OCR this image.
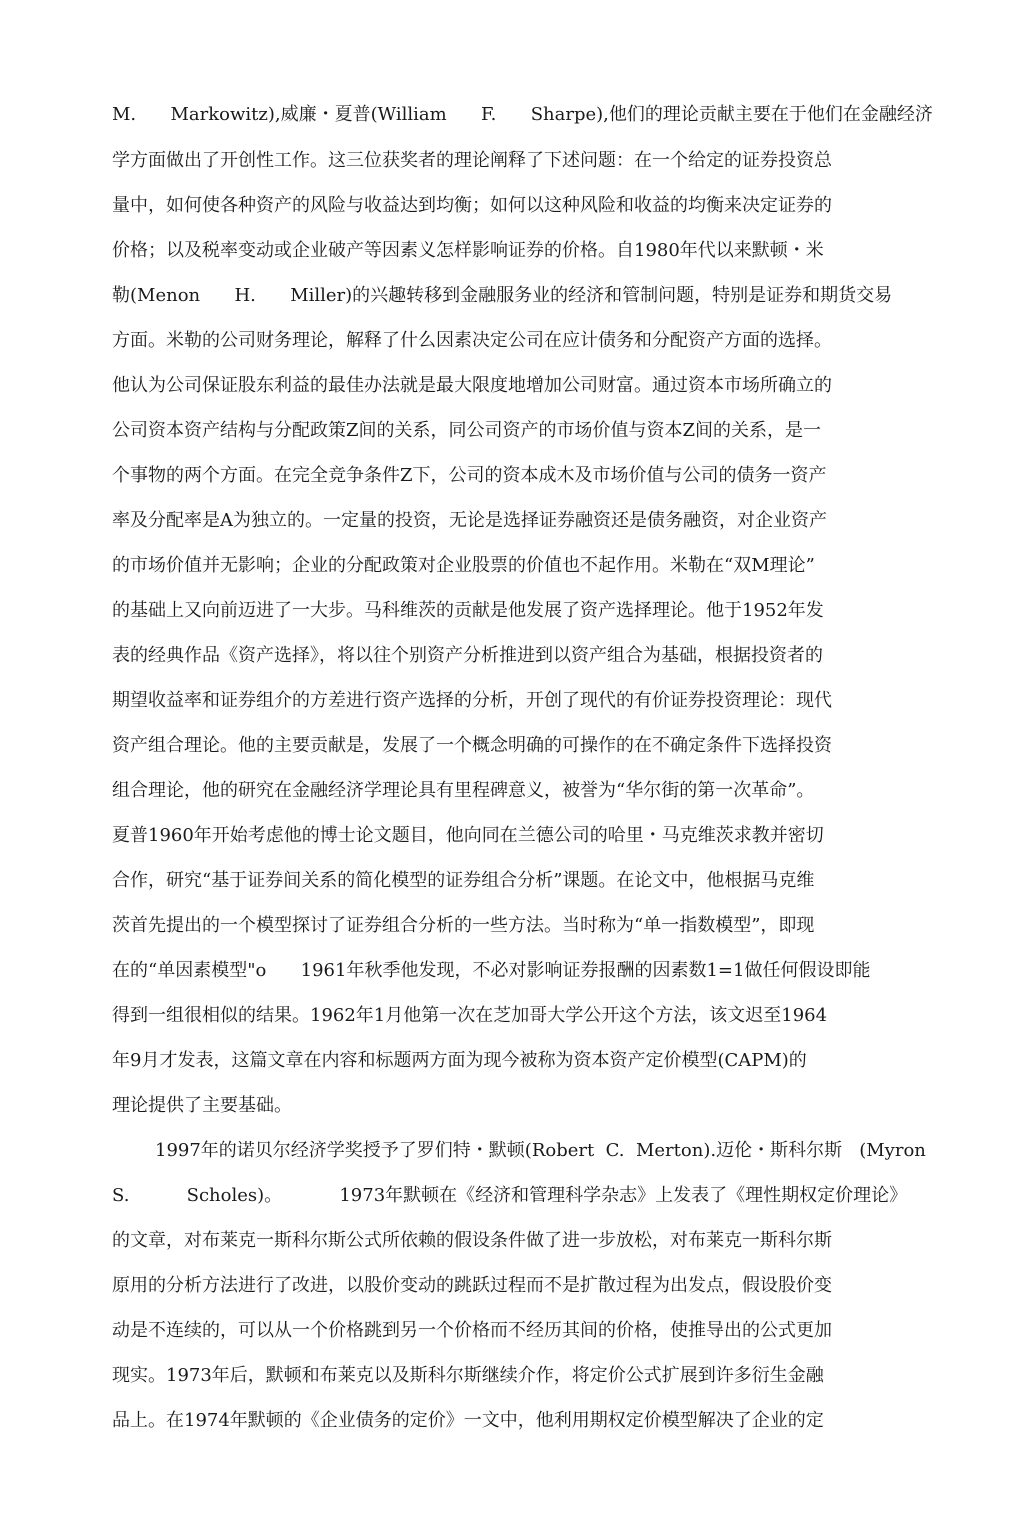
M.      Markowitz),威廉・夏普(William      F.      Sharpe),他们的理论贡献主要在于他们在金融经济
学方面做出了开创性工作。这三位获奖者的理论阐释了下述问题：在一个给定的证券投资总
量中，如何使各种资产的风险与收益达到均衡；如何以这种风险和收益的均衡来决定证券的
价格；以及税率变动或企业破产等因素义怎样影响证券的价格。自1980年代以来默顿・米
勒(Menon      H.      Miller)的兴趣转移到金融服务业的经济和管制问题，特别是证券和期货交易
方面。米勒的公司财务理论，解释了什么因素决定公司在应计债务和分配资产方面的选择。
他认为公司保证股东利益的最佳办法就是最大限度地增加公司财富。通过资本市场所确立的
公司资本资产结构与分配政策Z间的关系，同公司资产的市场价值与资本Z间的关系，是一
个事物的两个方面。在完全竞争条件Z下，公司的资本成木及市场价值与公司的债务一资产
率及分配率是A为独立的。一定量的投资，无论是选择证券融资还是债务融资，对企业资产
的市场价值并无影响；企业的分配政策对企业股票的价值也不起作用。米勒在“双M理论”
的基础上又向前迈进了一大步。马科维茨的贡献是他发展了资产选择理论。他于1952年发
表的经典作品《资产选择》，将以往个别资产分析推进到以资产组合为基础，根据投资者的
期望收益率和证券组介的方差进行资产选择的分析，开创了现代的有价证券投资理论：现代
资产组合理论。他的主要贡献是，发展了一个概念明确的可操作的在不确定条件下选择投资
组合理论，他的研究在金融经济学理论具有里程碑意义，被誉为“华尔街的第一次革命”。
夏普1960年开始考虑他的博士论文题目，他向同在兰德公司的哈里・马克维茨求教并密切
合作，研究“基于证券间关系的简化模型的证券组合分析”课题。在论文中，他根据马克维
茨首先提出的一个模型探讨了证券组合分析的一些方法。当时称为“单一指数模型”，即现
在的“单因素模型"o      1961年秋季他发现，不必对影响证券报酬的因素数1=1做任何假设即能
得到一组很相似的结果。1962年1月他第一次在芝加哥大学公开这个方法，该文迟至1964
年9月才发表，这篇文章在内容和标题两方面为现今被称为资本资产定价模型(CAPM)的
理论提供了主要基础。
1997年的诺贝尔经济学奖授予了罗们特・默顿(Robert  C.  Merton).迈伦・斯科尔斯   (Myron
S.          Scholes)。          1973年默顿在《经济和管理科学杂志》上发表了《理性期权定价理论》
的文章，对布莱克一斯科尔斯公式所依赖的假设条件做了进一步放松，对布莱克一斯科尔斯
原用的分析方法进行了改进，以股价变动的跳跃过程而不是扩散过程为出发点，假设股价变
动是不连续的，可以从一个价格跳到另一个价格而不经历其间的价格，使推导出的公式更加
现实。1973年后，默顿和布莱克以及斯科尔斯继续介作，将定价公式扩展到许多衍生金融
品上。在1974年默顿的《企业债务的定价》一文中，他利用期权定价模型解决了企业的定
